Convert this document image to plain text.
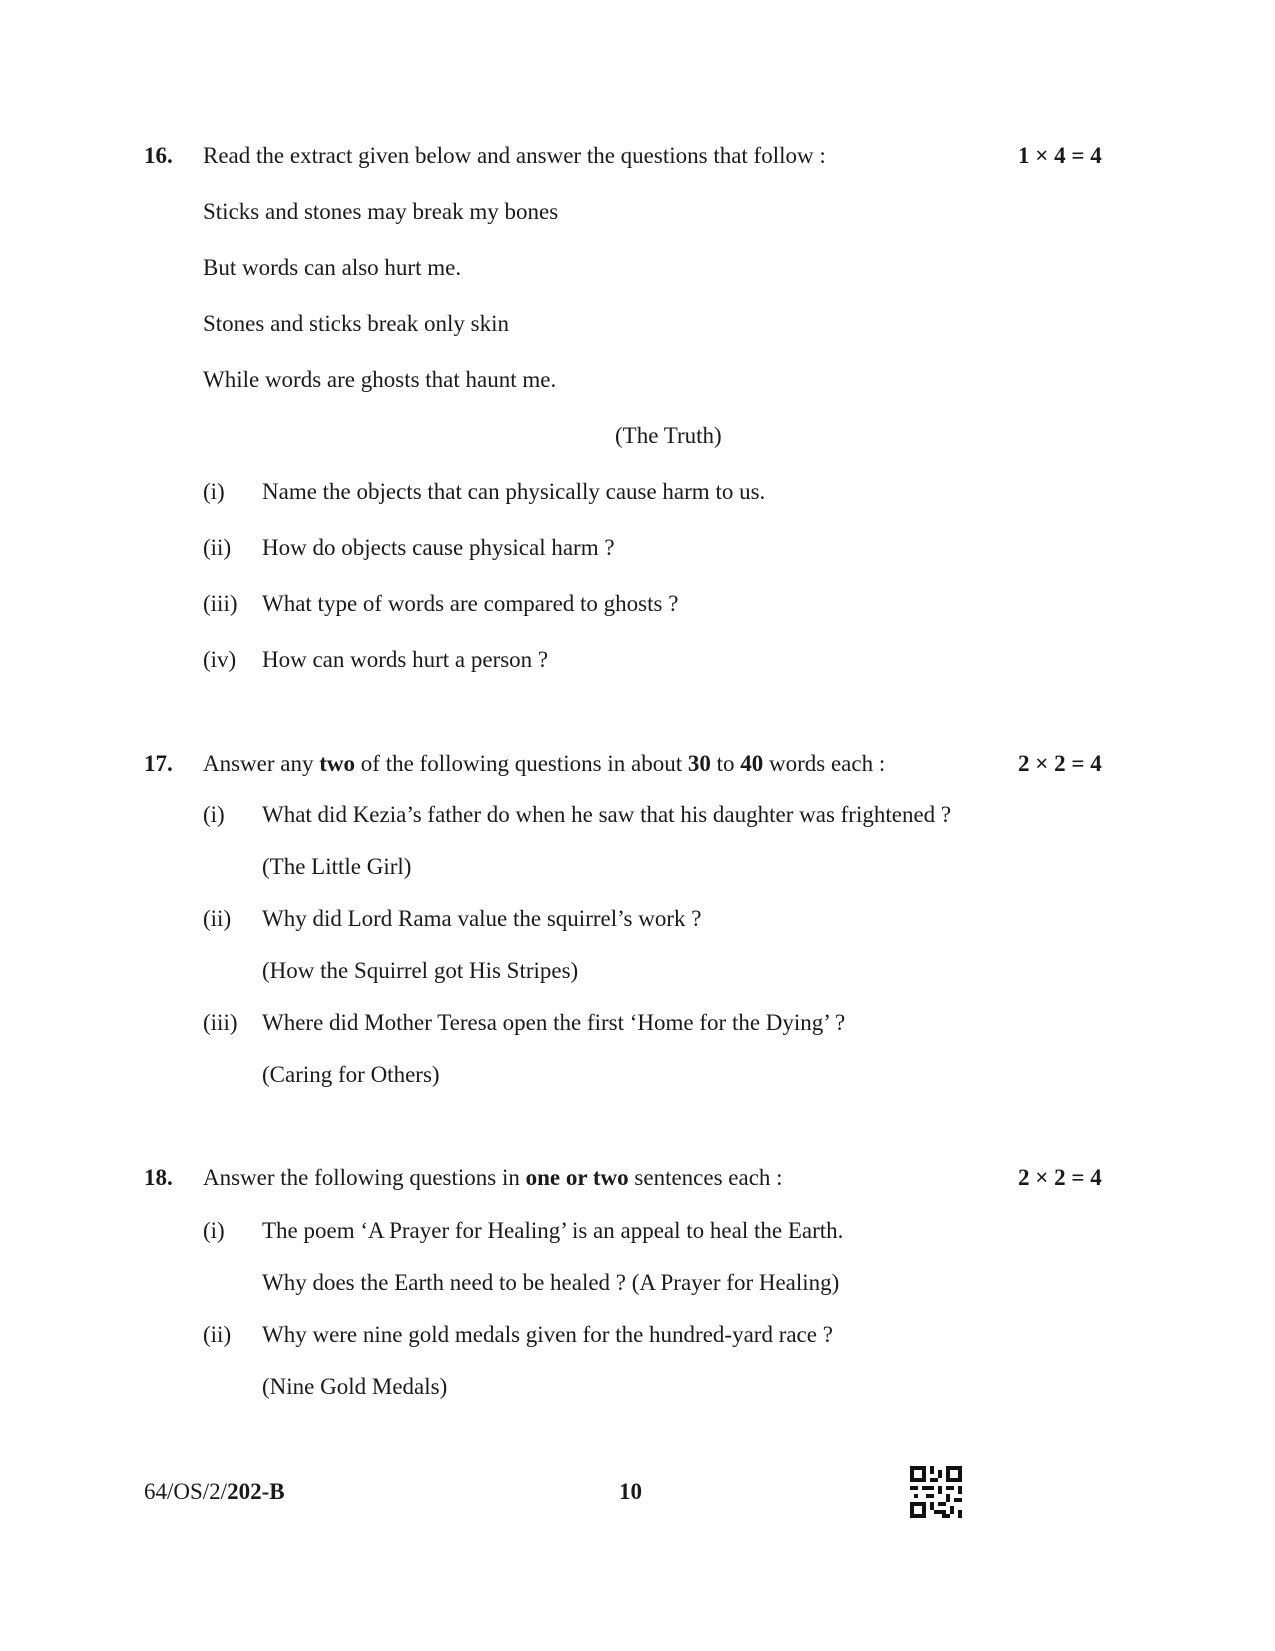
16. Read the extract given below and answer the questions that follow :	1 × 4 = 4
Sticks and stones may break my bones
But words can also hurt me.
Stones and sticks break only skin
While words are ghosts that haunt me.
(The Truth)
(i) Name the objects that can physically cause harm to us.
(ii) How do objects cause physical harm ?
(iii) What type of words are compared to ghosts ?
(iv) How can words hurt a person ?
17. Answer any two of the following questions in about 30 to 40 words each :	2 × 2 = 4
(i) What did Kezia’s father do when he saw that his daughter was frightened ?
(The Little Girl)
(ii) Why did Lord Rama value the squirrel’s work ?
(How the Squirrel got His Stripes)
(iii) Where did Mother Teresa open the first ‘Home for the Dying’ ?
(Caring for Others)
18. Answer the following questions in one or two sentences each :	2 × 2 = 4
(i) The poem ‘A Prayer for Healing’ is an appeal to heal the Earth.
Why does the Earth need to be healed ? (A Prayer for Healing)
(ii) Why were nine gold medals given for the hundred-yard race ?
(Nine Gold Medals)
64/OS/2/202-B	10
